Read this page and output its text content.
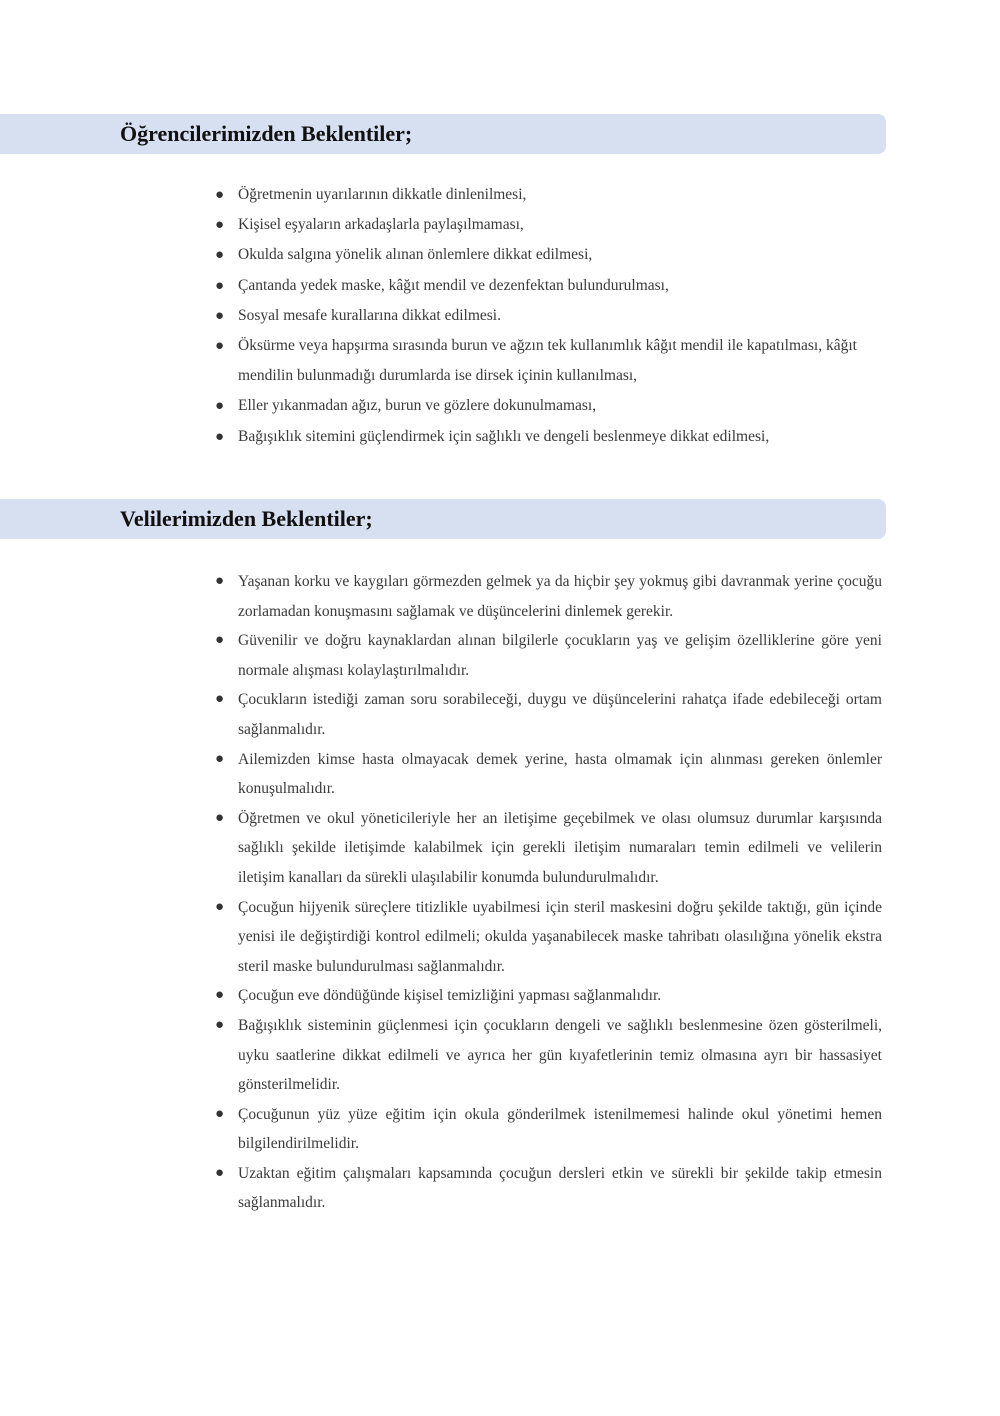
Öğrencilerimizden Beklentiler;
● Öğretmenin uyarılarının dikkatle dinlenilmesi,
● Kişisel eşyaların arkadaşlarla paylaşılmaması,
● Okulda salgına yönelik alınan önlemlere dikkat edilmesi,
● Çantanda yedek maske, kâğıt mendil ve dezenfektan bulundurulması,
● Sosyal mesafe kurallarına dikkat edilmesi.
● Öksürme veya hapşırma sırasında burun ve ağzın tek kullanımlık kâğıt mendil ile kapatılması, kâğıt mendilin bulunmadığı durumlarda ise dirsek içinin kullanılması,
● Eller yıkanmadan ağız, burun ve gözlere dokunulmaması,
● Bağışıklık sitemini güçlendirmek için sağlıklı ve dengeli beslenmeye dikkat edilmesi,
Velilerimizden Beklentiler;
● Yaşanan korku ve kaygıları görmezden gelmek ya da hiçbir şey yokmuş gibi davranmak yerine çocuğu zorlamadan konuşmasını sağlamak ve düşüncelerini dinlemek gerekir.
● Güvenilir ve doğru kaynaklardan alınan bilgilerle çocukların yaş ve gelişim özelliklerine göre yeni normale alışması kolaylaştırılmalıdır.
● Çocukların istediği zaman soru sorabileceği, duygu ve düşüncelerini rahatça ifade edebileceği ortam sağlanmalıdır.
● Ailemizden kimse hasta olmayacak demek yerine, hasta olmamak için alınması gereken önlemler konuşulmalıdır.
● Öğretmen ve okul yöneticileriyle her an iletişime geçebilmek ve olası olumsuz durumlar karşısında sağlıklı şekilde iletişimde kalabilmek için gerekli iletişim numaraları temin edilmeli ve velilerin iletişim kanalları da sürekli ulaşılabilir konumda bulundurulmalıdır.
● Çocuğun hijyenik süreçlere titizlikle uyabilmesi için steril maskesini doğru şekilde taktığı, gün içinde yenisi ile değiştirdiği kontrol edilmeli; okulda yaşanabilecek maske tahribatı olasılığına yönelik ekstra steril maske bulundurulması sağlanmalıdır.
● Çocuğun eve döndüğünde kişisel temizliğini yapması sağlanmalıdır.
● Bağışıklık sisteminin güçlenmesi için çocukların dengeli ve sağlıklı beslenmesine özen gösterilmeli, uyku saatlerine dikkat edilmeli ve ayrıca her gün kıyafetlerinin temiz olmasına ayrı bir hassasiyet gönsterilmelidir.
● Çocuğunun yüz yüze eğitim için okula gönderilmek istenilmemesi halinde okul yönetimi hemen bilgilendirilmelidir.
● Uzaktan eğitim çalışmaları kapsamında çocuğun dersleri etkin ve sürekli bir şekilde takip etmesin sağlanmalıdır.
